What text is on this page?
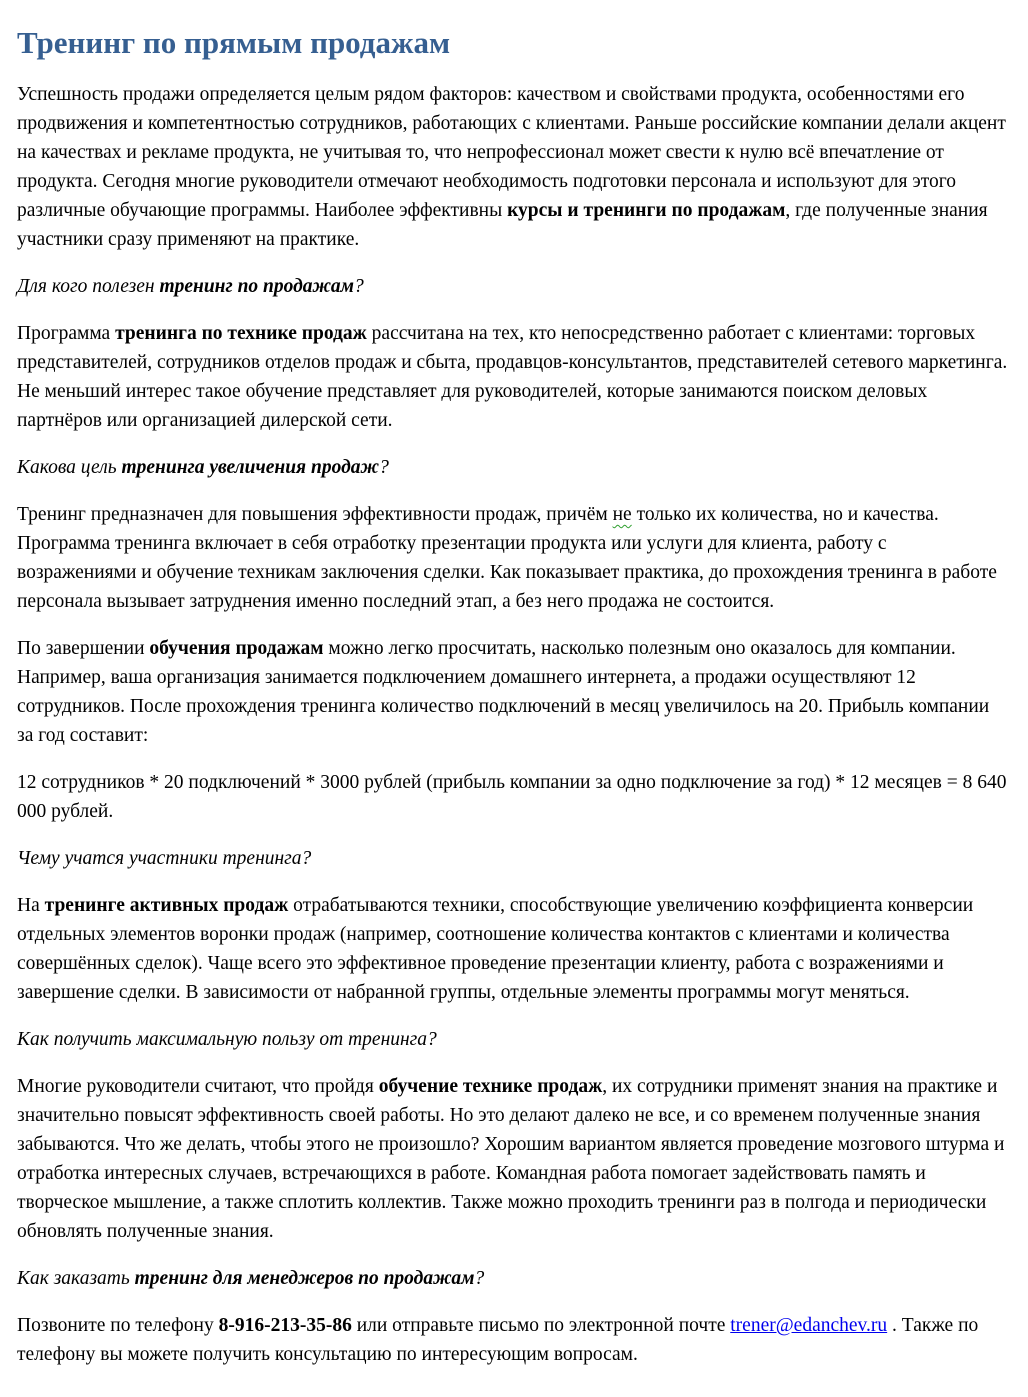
Тренинг по прямым продажам

Успешность продажи определяется целым рядом факторов: качеством и свойствами продукта, особенностями его продвижения и компетентностью сотрудников, работающих с клиентами. Раньше российские компании делали акцент на качествах и рекламе продукта, не учитывая то, что непрофессионал может свести к нулю всё впечатление от продукта. Сегодня многие руководители отмечают необходимость подготовки персонала и используют для этого различные обучающие программы. Наиболее эффективны курсы и тренинги по продажам, где полученные знания участники сразу применяют на практике.

Для кого полезен тренинг по продажам?

Программа тренинга по технике продаж рассчитана на тех, кто непосредственно работает с клиентами: торговых представителей, сотрудников отделов продаж и сбыта, продавцов-консультантов, представителей сетевого маркетинга. Не меньший интерес такое обучение представляет для руководителей, которые занимаются поиском деловых партнёров или организацией дилерской сети.

Какова цель тренинга увеличения продаж?

Тренинг предназначен для повышения эффективности продаж, причём не только их количества, но и качества. Программа тренинга включает в себя отработку презентации продукта или услуги для клиента, работу с возражениями и обучение техникам заключения сделки. Как показывает практика, до прохождения тренинга в работе персонала вызывает затруднения именно последний этап, а без него продажа не состоится.

По завершении обучения продажам можно легко просчитать, насколько полезным оно оказалось для компании. Например, ваша организация занимается подключением домашнего интернета, а продажи осуществляют 12 сотрудников. После прохождения тренинга количество подключений в месяц увеличилось на 20. Прибыль компании за год составит:

12 сотрудников * 20 подключений * 3000 рублей (прибыль компании за одно подключение за год) * 12 месяцев = 8 640 000 рублей.

Чему учатся участники тренинга?

На тренинге активных продаж отрабатываются техники, способствующие увеличению коэффициента конверсии отдельных элементов воронки продаж (например, соотношение количества контактов с клиентами и количества совершённых сделок). Чаще всего это эффективное проведение презентации клиенту, работа с возражениями и завершение сделки. В зависимости от набранной группы, отдельные элементы программы могут меняться.

Как получить максимальную пользу от тренинга?

Многие руководители считают, что пройдя обучение технике продаж, их сотрудники применят знания на практике и значительно повысят эффективность своей работы. Но это делают далеко не все, и со временем полученные знания забываются. Что же делать, чтобы этого не произошло? Хорошим вариантом является проведение мозгового штурма и отработка интересных случаев, встречающихся в работе. Командная работа помогает задействовать память и творческое мышление, а также сплотить коллектив. Также можно проходить тренинги раз в полгода и периодически обновлять полученные знания.

Как заказать тренинг для менеджеров по продажам?

Позвоните по телефону 8-916-213-35-86 или отправьте письмо по электронной почте trener@edanchev.ru . Также по телефону вы можете получить консультацию по интересующим вопросам.
